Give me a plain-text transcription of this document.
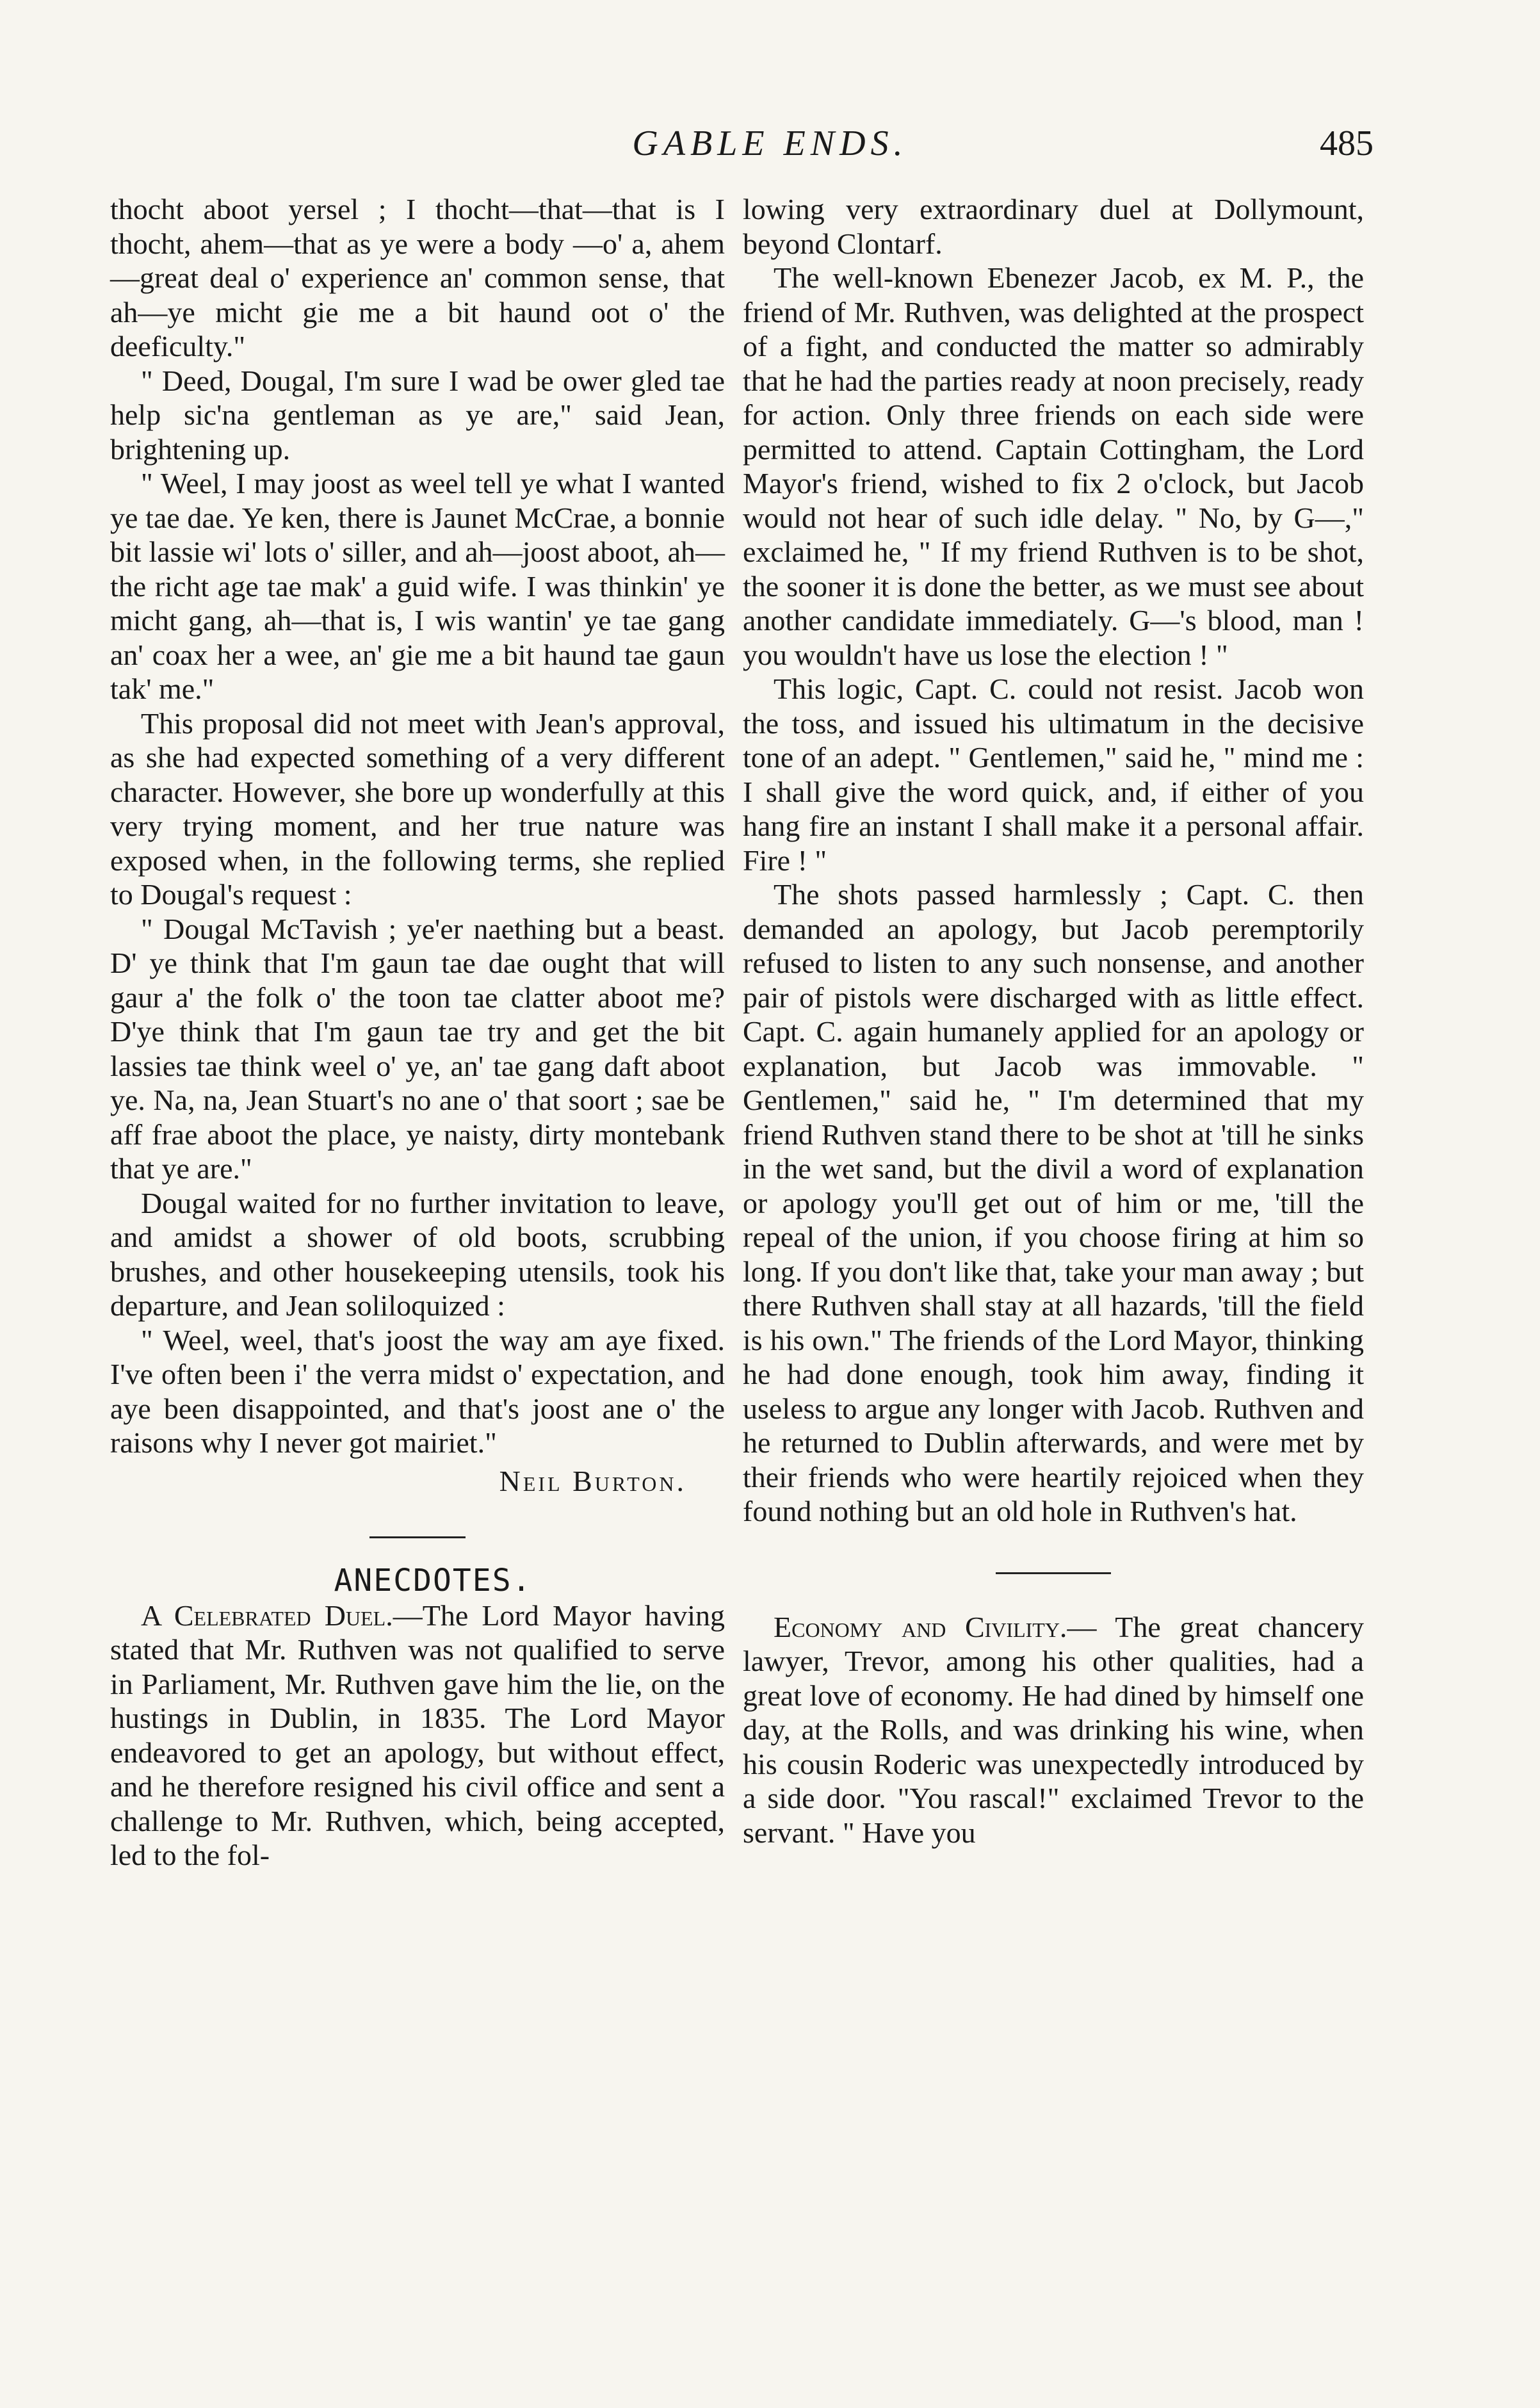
GABLE ENDS.	485

thocht aboot yersel ; I thocht—that—that is I thocht, ahem—that as ye were a body —o' a, ahem—great deal o' experience an' common sense, that ah—ye micht gie me a bit haund oot o' the deeficulty."

" Deed, Dougal, I'm sure I wad be ower gled tae help sic'na gentleman as ye are," said Jean, brightening up.

" Weel, I may joost as weel tell ye what I wanted ye tae dae. Ye ken, there is Jaunet McCrae, a bonnie bit lassie wi' lots o' siller, and ah—joost aboot, ah—the richt age tae mak' a guid wife. I was thinkin' ye micht gang, ah—that is, I wis wantin' ye tae gang an' coax her a wee, an' gie me a bit haund tae gaun tak' me."

This proposal did not meet with Jean's approval, as she had expected something of a very different character. However, she bore up wonderfully at this very trying moment, and her true nature was exposed when, in the following terms, she replied to Dougal's request :

" Dougal McTavish ; ye'er naething but a beast. D' ye think that I'm gaun tae dae ought that will gaur a' the folk o' the toon tae clatter aboot me? D'ye think that I'm gaun tae try and get the bit lassies tae think weel o' ye, an' tae gang daft aboot ye. Na, na, Jean Stuart's no ane o' that soort ; sae be aff frae aboot the place, ye naisty, dirty montebank that ye are."

Dougal waited for no further invitation to leave, and amidst a shower of old boots, scrubbing brushes, and other housekeeping utensils, took his departure, and Jean soliloquized :

" Weel, weel, that's joost the way am aye fixed. I've often been i' the verra midst o' expectation, and aye been disappointed, and that's joost ane o' the raisons why I never got mairiet."

Neil Burton.

ANECDOTES.

A Celebrated Duel.—The Lord Mayor having stated that Mr. Ruthven was not qualified to serve in Parliament, Mr. Ruthven gave him the lie, on the hustings in Dublin, in 1835. The Lord Mayor endeavored to get an apology, but without effect, and he therefore resigned his civil office and sent a challenge to Mr. Ruthven, which, being accepted, led to the fol-

lowing very extraordinary duel at Dollymount, beyond Clontarf.

The well-known Ebenezer Jacob, ex M. P., the friend of Mr. Ruthven, was delighted at the prospect of a fight, and conducted the matter so admirably that he had the parties ready at noon precisely, ready for action. Only three friends on each side were permitted to attend. Captain Cottingham, the Lord Mayor's friend, wished to fix 2 o'clock, but Jacob would not hear of such idle delay. " No, by G—," exclaimed he, " If my friend Ruthven is to be shot, the sooner it is done the better, as we must see about another candidate immediately. G—'s blood, man ! you wouldn't have us lose the election ! "

This logic, Capt. C. could not resist. Jacob won the toss, and issued his ultimatum in the decisive tone of an adept. " Gentlemen," said he, " mind me : I shall give the word quick, and, if either of you hang fire an instant I shall make it a personal affair. Fire ! "

The shots passed harmlessly ; Capt. C. then demanded an apology, but Jacob peremptorily refused to listen to any such nonsense, and another pair of pistols were discharged with as little effect. Capt. C. again humanely applied for an apology or explanation, but Jacob was immovable. " Gentlemen," said he, " I'm determined that my friend Ruthven stand there to be shot at 'till he sinks in the wet sand, but the divil a word of explanation or apology you'll get out of him or me, 'till the repeal of the union, if you choose firing at him so long. If you don't like that, take your man away ; but there Ruthven shall stay at all hazards, 'till the field is his own." The friends of the Lord Mayor, thinking he had done enough, took him away, finding it useless to argue any longer with Jacob. Ruthven and he returned to Dublin afterwards, and were met by their friends who were heartily rejoiced when they found nothing but an old hole in Ruthven's hat.

Economy and Civility.— The great chancery lawyer, Trevor, among his other qualities, had a great love of economy. He had dined by himself one day, at the Rolls, and was drinking his wine, when his cousin Roderic was unexpectedly introduced by a side door. "You rascal!" exclaimed Trevor to the servant. " Have you
